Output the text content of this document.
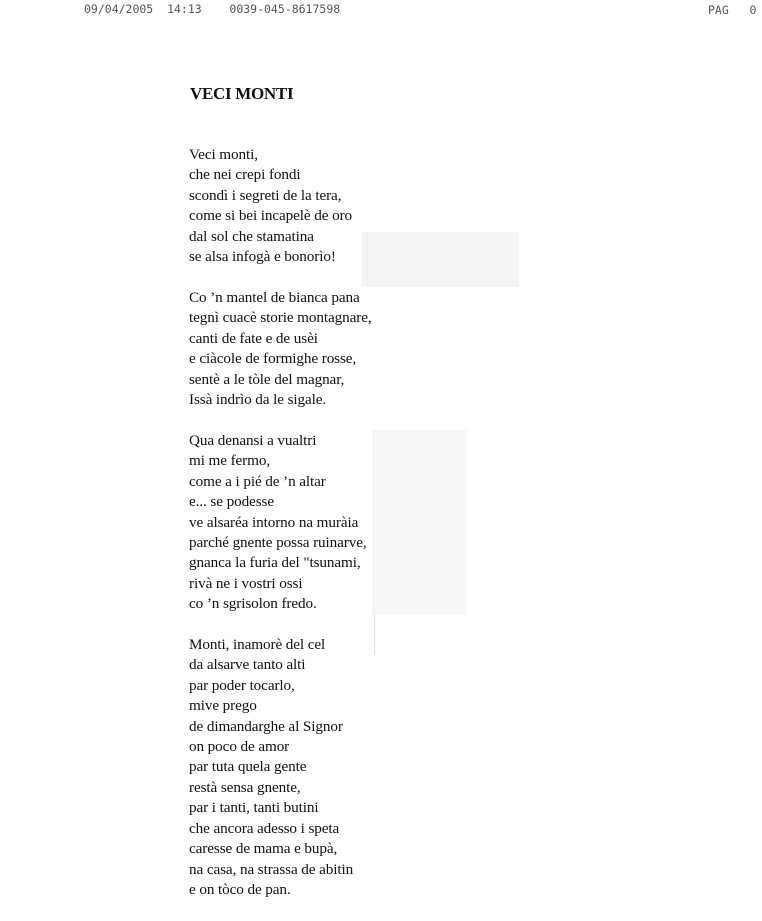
09/04/2005  14:13    0039-045-8617598	PAG   0
VECI MONTI
Veci monti,
che nei crepi fondi
scondì i segreti de la tera,
come si bei incapelè de oro
dal sol che stamatina
se alsa infogà e bonorìo!
Co ’n mantel de bianca pana
tegnì cuacè storie montagnare,
canti de fate e de usèi
e ciàcole de formighe rosse,
sentè a le tòle del magnar,
Issà indrìo da le sigale.
Qua denansi a vualtri
mi me fermo,
come a i pié de ’n altar
e... se podesse
ve alsaréa intorno na muràia
parché gnente possa ruinarve,
gnanca la furia del "tsunami,
rivà ne i vostri ossi
co ’n sgrisolon fredo.
Monti, inamorè del cel
da alsarve tanto alti
par poder tocarlo,
mive prego
de dimandarghe al Signor
on poco de amor
par tuta quela gente
restà sensa gnente,
par i tanti, tanti butini
che ancora adesso i speta
caresse de mama e bupà,
na casa, na strassa de abitin
e on tòco de pan.
